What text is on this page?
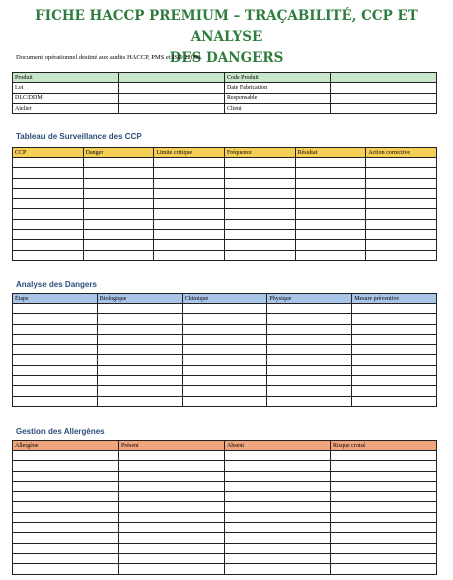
FICHE HACCP PREMIUM – TRAÇABILITÉ, CCP ET ANALYSE
DES DANGERS
Document opérationnel destiné aux audits HACCP, PMS et ISO 22000.
Produit		Code Produit	
Lot		Date Fabrication	
DLC/DDM		Responsable	
Atelier		Client	
Tableau de Surveillance des CCP
CCP	Danger	Limite critique	Fréquence	Résultat	Action corrective

Analyse des Dangers
Étape	Biologique	Chimique	Physique	Mesure préventive

Gestion des Allergènes
Allergène	Présent	Absent	Risque croisé
